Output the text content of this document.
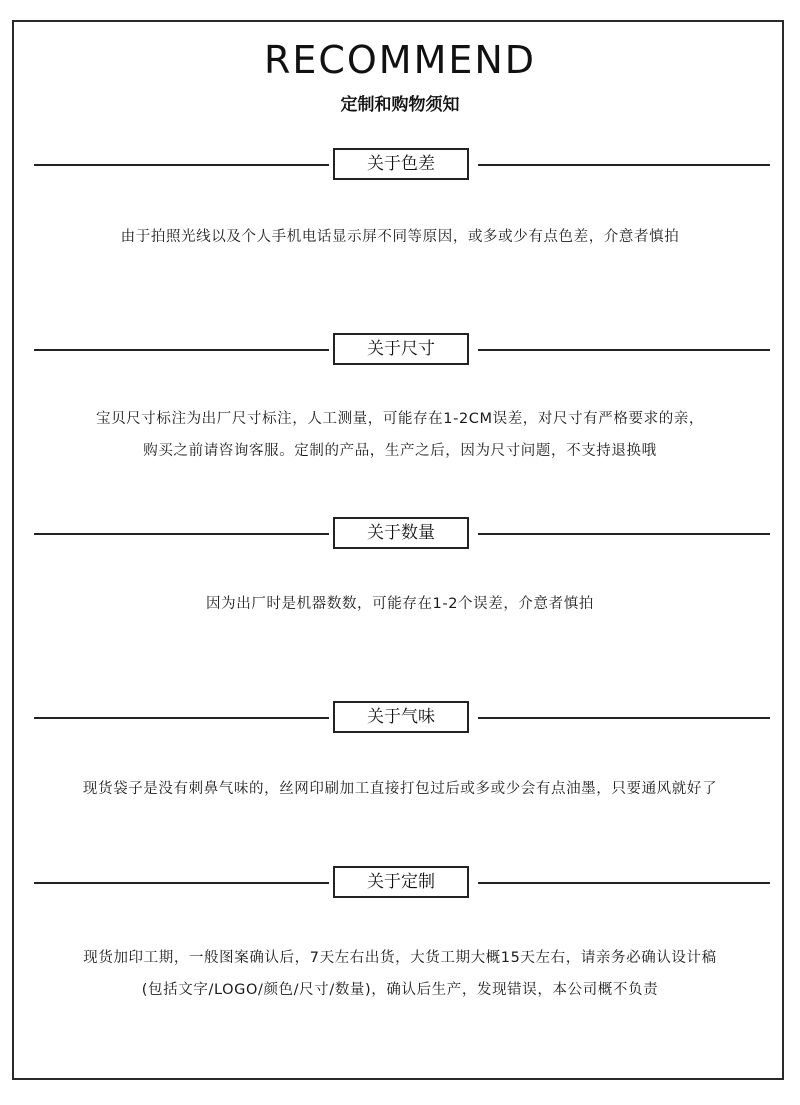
RECOMMEND
定制和购物须知
关于色差

由于拍照光线以及个人手机电话显示屏不同等原因，或多或少有点色差，介意者慎拍

关于尺寸

宝贝尺寸标注为出厂尺寸标注，人工测量，可能存在1-2CM误差，对尺寸有严格要求的亲，
购买之前请咨询客服。定制的产品，生产之后，因为尺寸问题，不支持退换哦

关于数量

因为出厂时是机器数数，可能存在1-2个误差，介意者慎拍

关于气味

现货袋子是没有刺鼻气味的，丝网印刷加工直接打包过后或多或少会有点油墨，只要通风就好了

关于定制

现货加印工期，一般图案确认后，7天左右出货，大货工期大概15天左右，请亲务必确认设计稿
(包括文字/LOGO/颜色/尺寸/数量)，确认后生产，发现错误，本公司概不负责
